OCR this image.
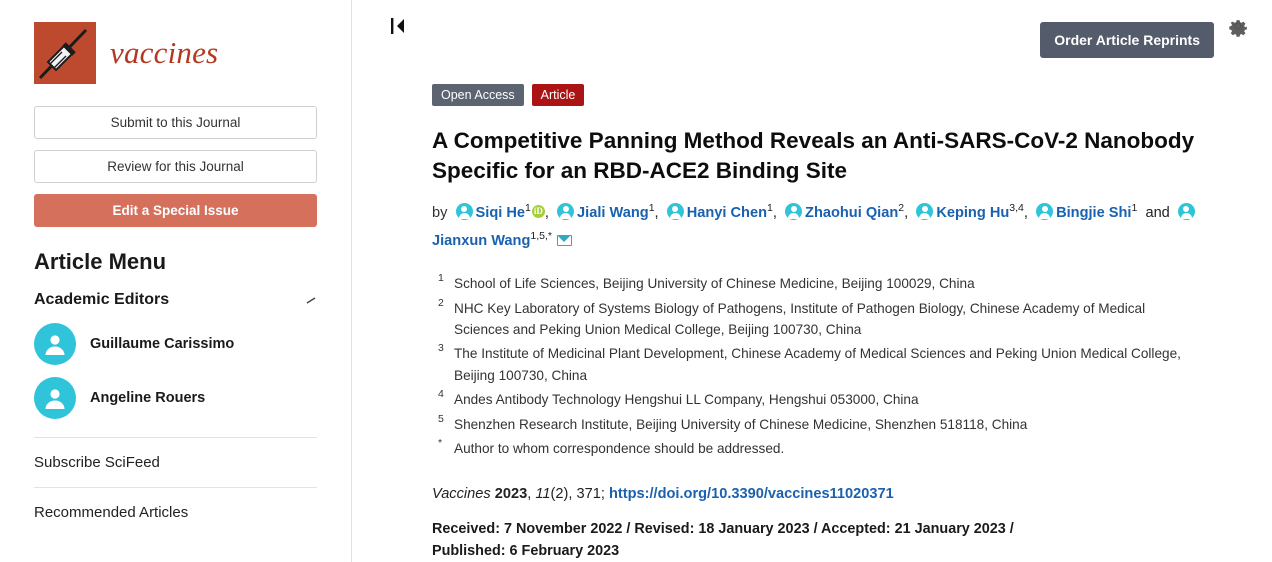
vaccines
Submit to this Journal
Review for this Journal
Edit a Special Issue
Article Menu
Academic Editors
Guillaume Carissimo
Angeline Rouers
Subscribe SciFeed
Recommended Articles
Order Article Reprints
Open Access	Article
A Competitive Panning Method Reveals an Anti-SARS-CoV-2 Nanobody Specific for an RBD-ACE2 Binding Site
by Siqi He$^1$ iD , Jiali Wang$^1$, Hanyi Chen$^1$, Zhaohui Qian$^2$, Keping Hu$^{3,4}$, Bingjie Shi$^1$ and  Jianxun Wang$^{1,5,*}$
1 School of Life Sciences, Beijing University of Chinese Medicine, Beijing 100029, China
2 NHC Key Laboratory of Systems Biology of Pathogens, Institute of Pathogen Biology, Chinese Academy of Medical Sciences and Peking Union Medical College, Beijing 100730, China
3 The Institute of Medicinal Plant Development, Chinese Academy of Medical Sciences and Peking Union Medical College, Beijing 100730, China
4 Andes Antibody Technology Hengshui LL Company, Hengshui 053000, China
5 Shenzhen Research Institute, Beijing University of Chinese Medicine, Shenzhen 518118, China
* Author to whom correspondence should be addressed.
Vaccines 2023, 11(2), 371; https://doi.org/10.3390/vaccines11020371
Received: 7 November 2022 / Revised: 18 January 2023 / Accepted: 21 January 2023 /
Published: 6 February 2023
